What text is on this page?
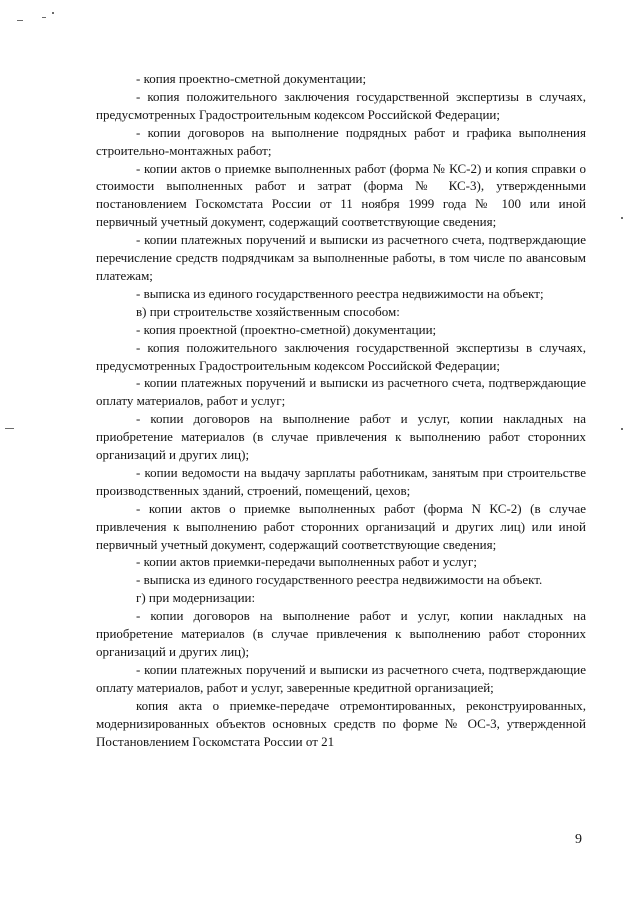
- копия проектно-сметной документации;

- копия положительного заключения государственной экспертизы в случаях, предусмотренных Градостроительным кодексом Российской Федерации;

- копии договоров на выполнение подрядных работ и графика выполнения строительно-монтажных работ;

- копии актов о приемке выполненных работ (форма № КС-2) и копия справки о стоимости выполненных работ и затрат (форма № КС-3), утвержденными постановлением Госкомстата России от 11 ноября 1999 года № 100 или иной первичный учетный документ, содержащий соответствующие сведения;

- копии платежных поручений и выписки из расчетного счета, подтверждающие перечисление средств подрядчикам за выполненные работы, в том числе по авансовым платежам;

- выписка из единого государственного реестра недвижимости на объект;

в) при строительстве хозяйственным способом:

- копия проектной (проектно-сметной) документации;

- копия положительного заключения государственной экспертизы в случаях, предусмотренных Градостроительным кодексом Российской Федерации;

- копии платежных поручений и выписки из расчетного счета, подтверждающие оплату материалов, работ и услуг;

- копии договоров на выполнение работ и услуг, копии накладных на приобретение материалов (в случае привлечения к выполнению работ сторонних организаций и других лиц);

- копии ведомости на выдачу зарплаты работникам, занятым при строительстве производственных зданий, строений, помещений, цехов;

- копии актов о приемке выполненных работ (форма N КС-2) (в случае привлечения к выполнению работ сторонних организаций и других лиц) или иной первичный учетный документ, содержащий соответствующие сведения;

- копии актов приемки-передачи выполненных работ и услуг;

- выписка из единого государственного реестра недвижимости на объект.

г) при модернизации:

- копии договоров на выполнение работ и услуг, копии накладных на приобретение материалов (в случае привлечения к выполнению работ сторонних организаций и других лиц);

- копии платежных поручений и выписки из расчетного счета, подтверждающие оплату материалов, работ и услуг, заверенные кредитной организацией;

копия акта о приемке-передаче отремонтированных, реконструированных, модернизированных объектов основных средств по форме № ОС-3, утвержденной Постановлением Госкомстата России от 21

9
